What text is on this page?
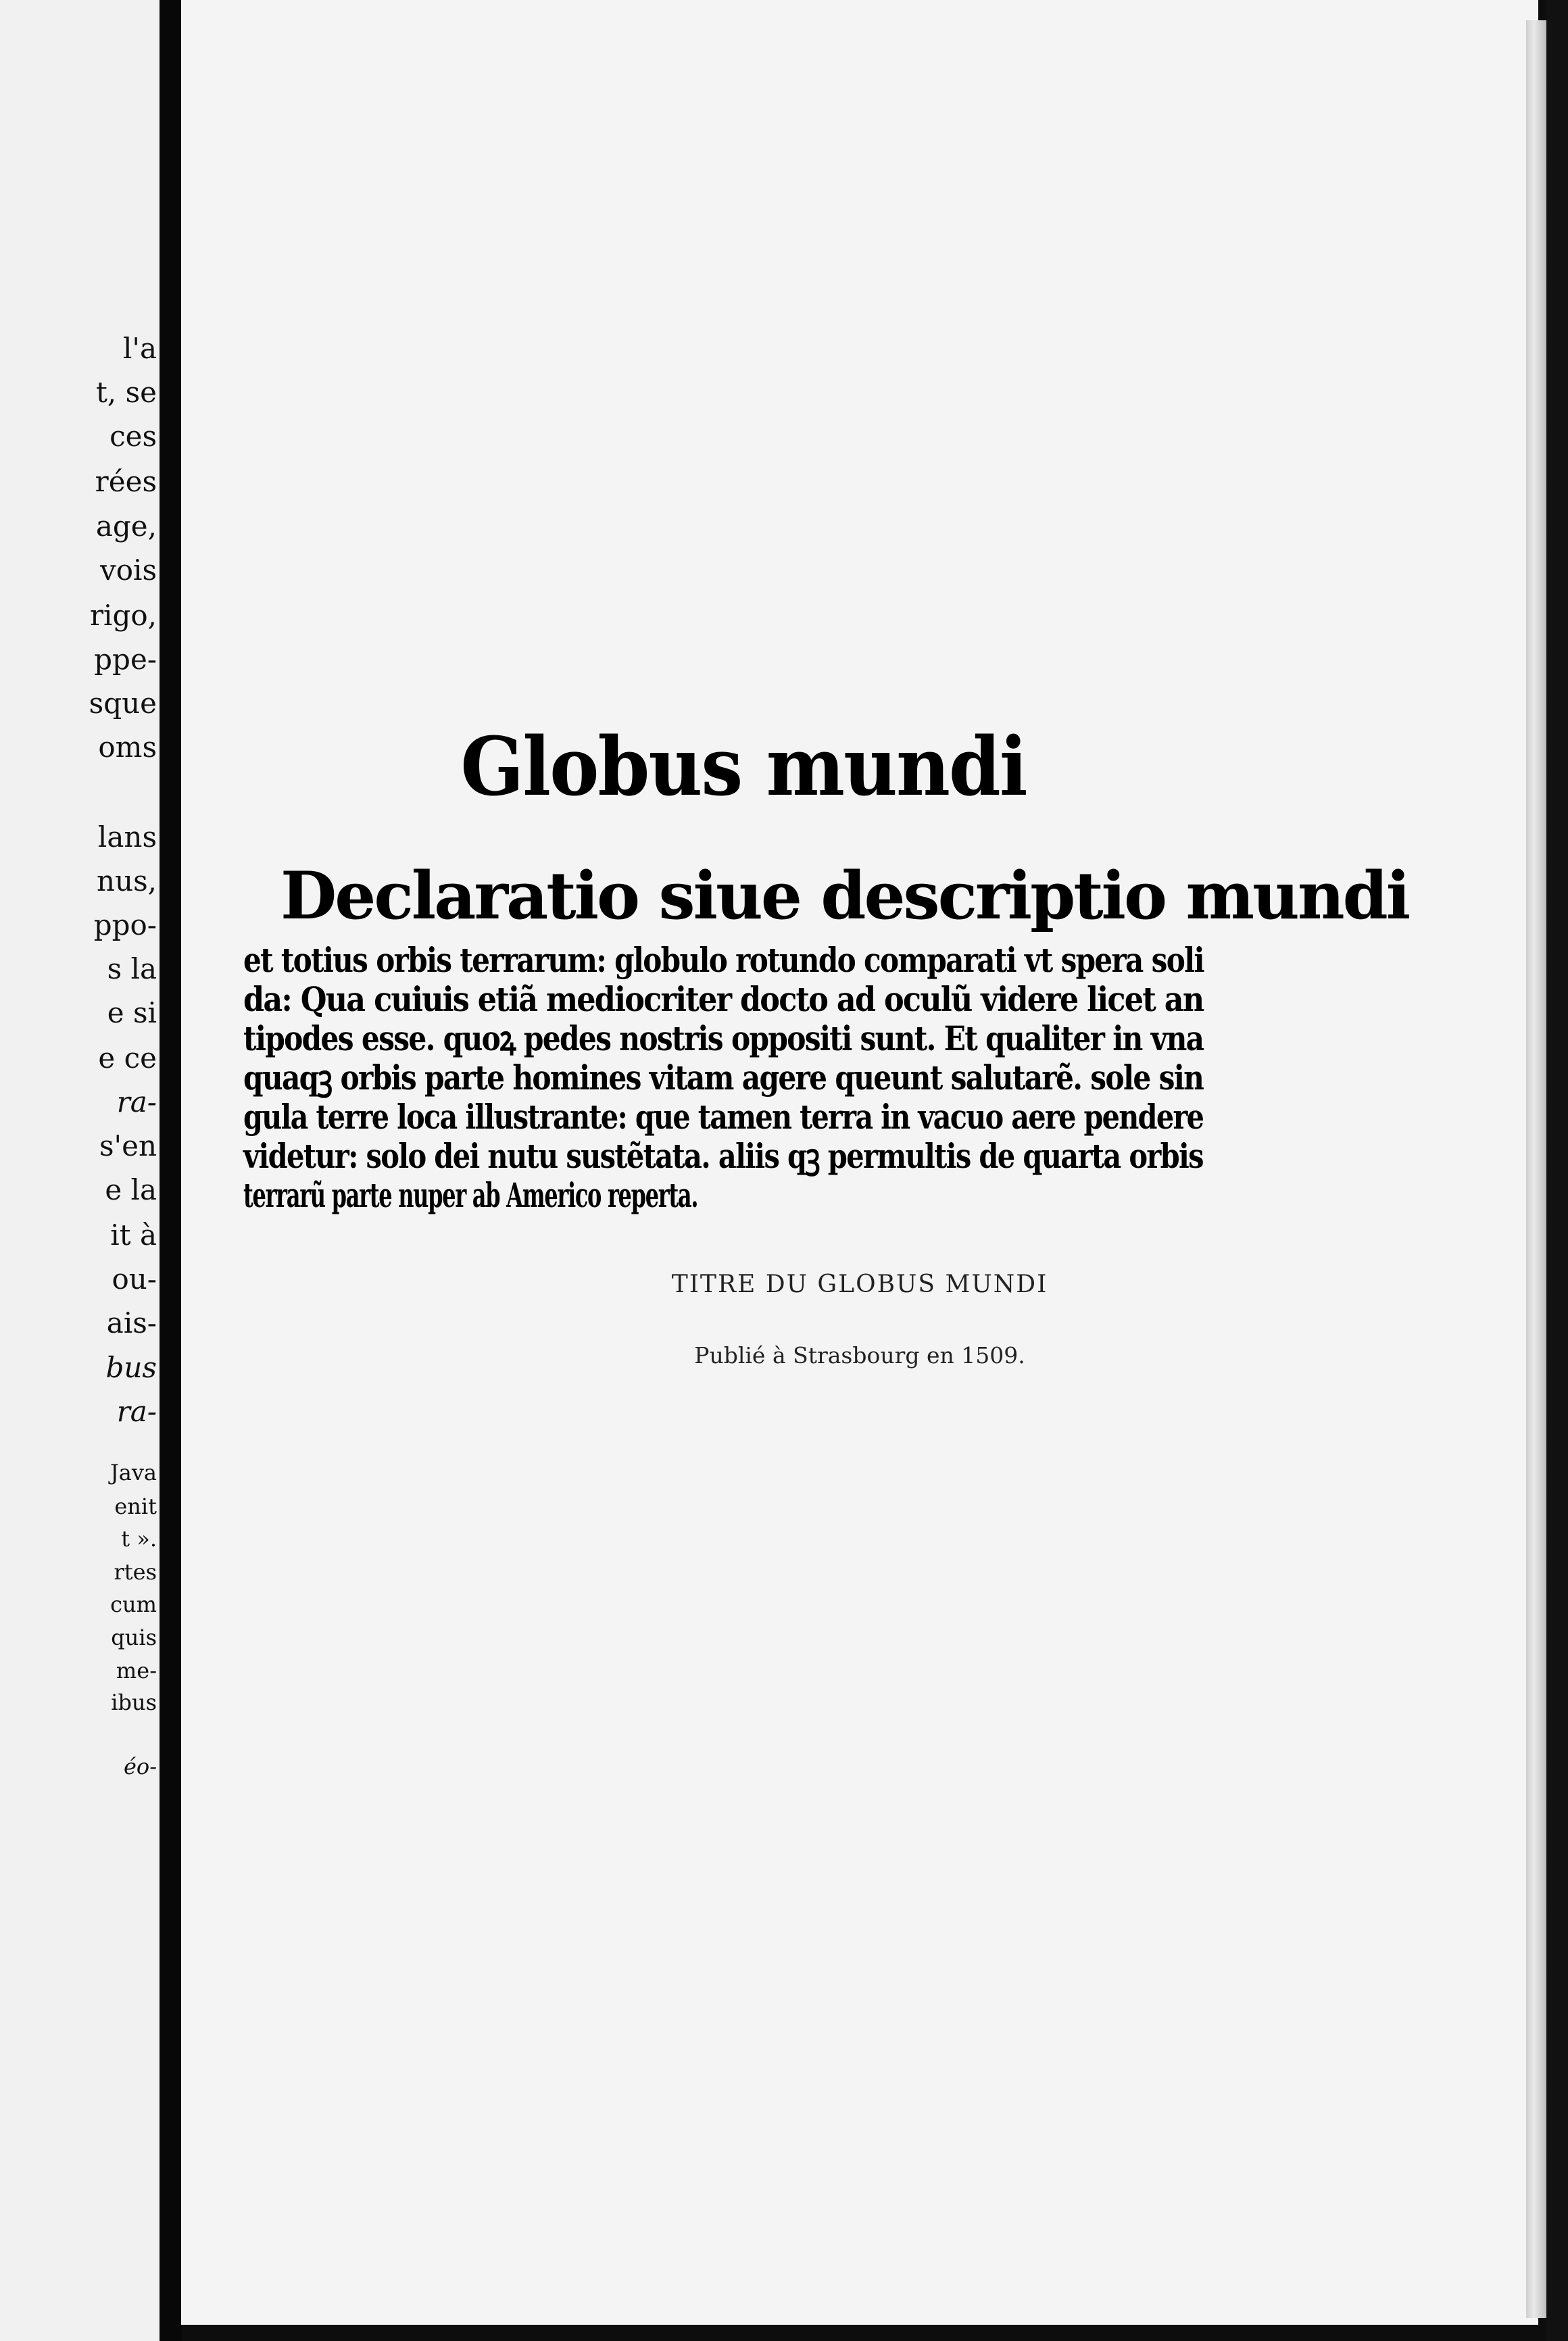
l'a
t, se
ces
rées
age,
vois
rigo,
ppe-
sque
oms
lans
nus,
ppo-
s la
e si
e ce
ra-
s'en
e la
it à
ou-
ais-
bus
ra-
Java
enit
t ».
rtes
cum
quis
me-
ibus
éo-
Globus mundi
Declaratio siue descriptio mundi
et totius orbis terrarum: globulo rotundo comparati vt spera soli
da: Qua cuiuis etiã mediocriter docto ad oculũ videre licet an
tipodes esse. quoꝝ pedes nostris oppositi sunt. Et qualiter in vna
quaqꝫ orbis parte homines vitam agere queunt salutarẽ. sole sin
gula terre loca illustrante: que tamen terra in vacuo aere pendere
videtur: solo dei nutu sustẽtata. aliis qꝫ permultis de quarta orbis
terrarũ parte nuper ab Americo reperta.
TITRE DU GLOBUS MUNDI
Publié à Strasbourg en 1509.
